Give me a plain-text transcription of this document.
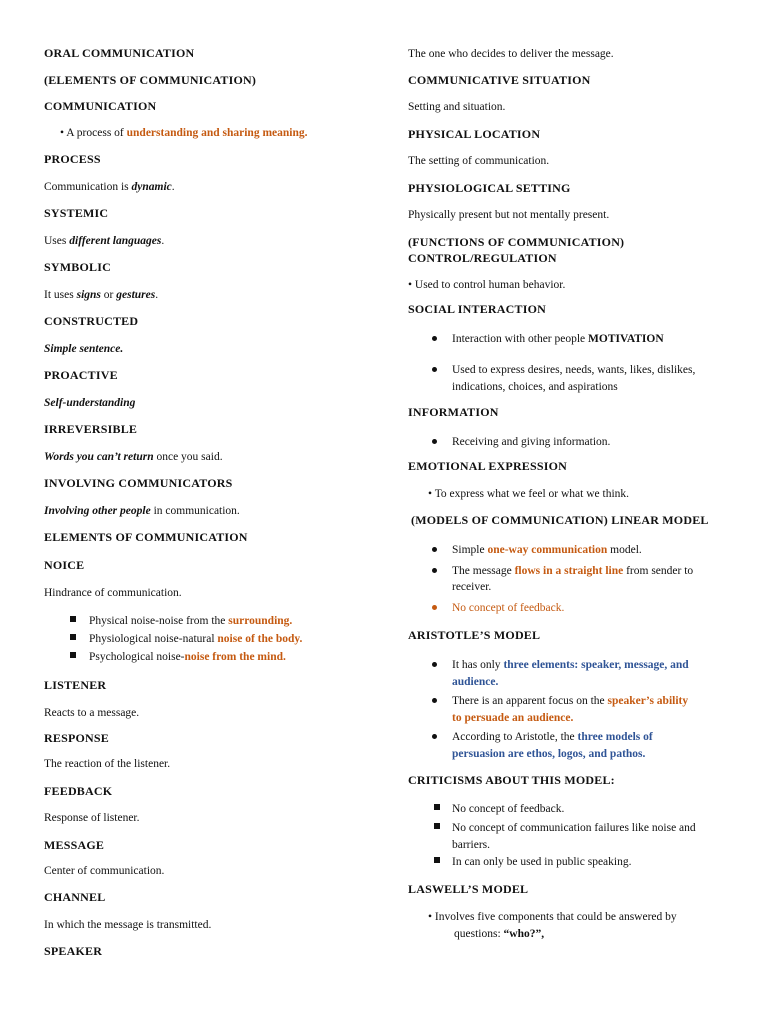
ORAL COMMUNICATION
(ELEMENTS OF COMMUNICATION)
COMMUNICATION
• A process of understanding and sharing meaning.
PROCESS
Communication is dynamic.
SYSTEMIC
Uses different languages.
SYMBOLIC
It uses signs or gestures.
CONSTRUCTED
Simple sentence.
PROACTIVE
Self-understanding
IRREVERSIBLE
Words you can’t return once you said.
INVOLVING COMMUNICATORS
Involving other people in communication.
ELEMENTS OF COMMUNICATION
NOICE
Hindrance of communication.
Physical noise-noise from the surrounding.
Physiological noise-natural noise of the body.
Psychological noise-noise from the mind.
LISTENER
Reacts to a message.
RESPONSE
The reaction of the listener.
FEEDBACK
Response of listener.
MESSAGE
Center of communication.
CHANNEL
In which the message is transmitted.
SPEAKER
The one who decides to deliver the message.
COMMUNICATIVE SITUATION
Setting and situation.
PHYSICAL LOCATION
The setting of communication.
PHYSIOLOGICAL SETTING
Physically present but not mentally present.
(FUNCTIONS OF COMMUNICATION)
CONTROL/REGULATION
• Used to control human behavior.
SOCIAL INTERACTION
Interaction with other people MOTIVATION
Used to express desires, needs, wants, likes, dislikes,
indications, choices, and aspirations
INFORMATION
Receiving and giving information.
EMOTIONAL EXPRESSION
• To express what we feel or what we think.
(MODELS OF COMMUNICATION) LINEAR MODEL
Simple one-way communication model.
The message flows in a straight line from sender to
receiver.
No concept of feedback.
ARISTOTLE’S MODEL
It has only three elements: speaker, message, and
audience.
There is an apparent focus on the speaker’s ability
to persuade an audience.
According to Aristotle, the three models of
persuasion are ethos, logos, and pathos.
CRITICISMS ABOUT THIS MODEL:
No concept of feedback.
No concept of communication failures like noise and
barriers.
In can only be used in public speaking.
LASWELL’S MODEL
• Involves five components that could be answered by
questions: “who?”,
